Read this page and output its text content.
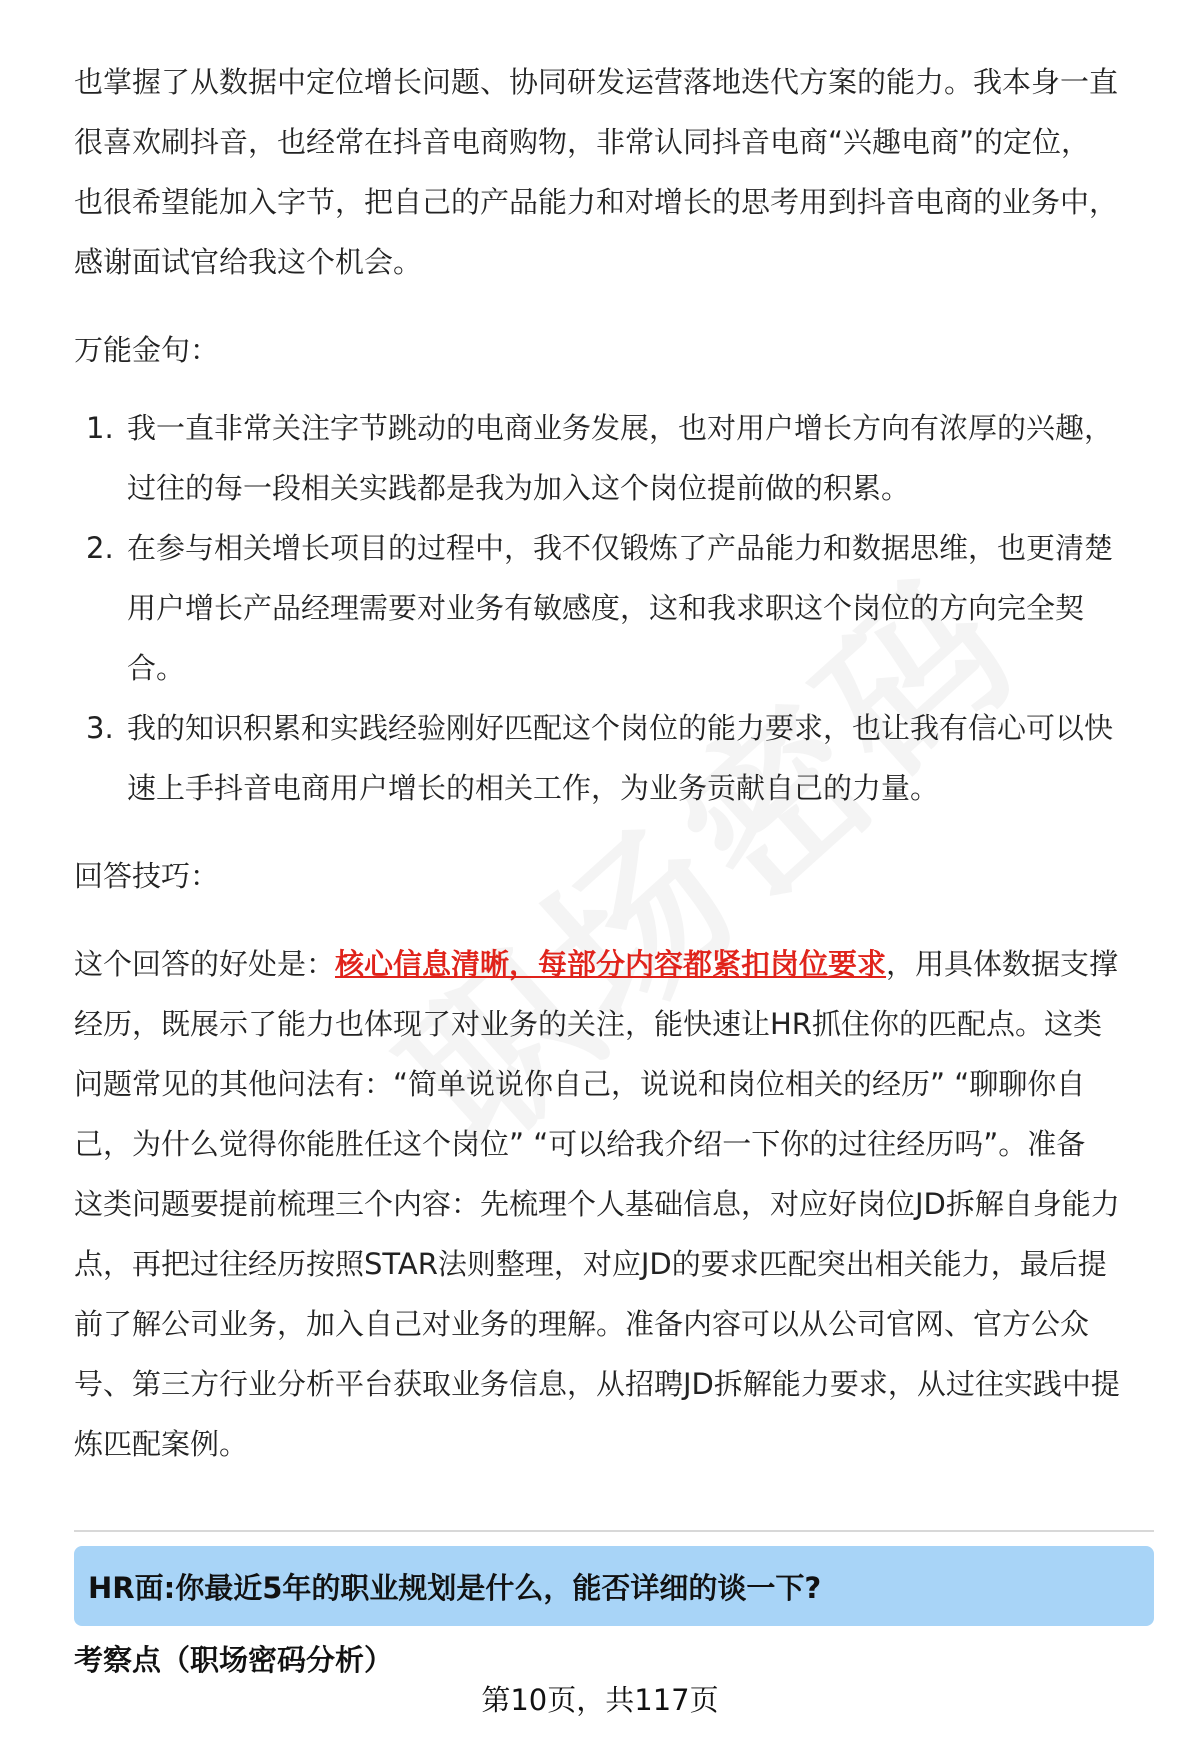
也掌握了从数据中定位增长问题、协同研发运营落地迭代方案的能力。我本身一直

很喜欢刷抖音，也经常在抖音电商购物，非常认同抖音电商“兴趣电商”的定位，

也很希望能加入字节，把自己的产品能力和对增长的思考用到抖音电商的业务中，

感谢面试官给我这个机会。

万能金句：

1. 我一直非常关注字节跳动的电商业务发展，也对用户增长方向有浓厚的兴趣，
过往的每一段相关实践都是我为加入这个岗位提前做的积累。
2. 在参与相关增长项目的过程中，我不仅锻炼了产品能力和数据思维，也更清楚
用户增长产品经理需要对业务有敏感度，这和我求职这个岗位的方向完全契
合。
3. 我的知识积累和实践经验刚好匹配这个岗位的能力要求，也让我有信心可以快
速上手抖音电商用户增长的相关工作，为业务贡献自己的力量。

回答技巧：

这个回答的好处是：核心信息清晰，每部分内容都紧扣岗位要求，用具体数据支撑

经历，既展示了能力也体现了对业务的关注，能快速让HR抓住你的匹配点。这类

问题常见的其他问法有：“简单说说你自己，说说和岗位相关的经历” “聊聊你自

己，为什么觉得你能胜任这个岗位” “可以给我介绍一下你的过往经历吗”。准备

这类问题要提前梳理三个内容：先梳理个人基础信息，对应好岗位JD拆解自身能力

点，再把过往经历按照STAR法则整理，对应JD的要求匹配突出相关能力，最后提

前了解公司业务，加入自己对业务的理解。准备内容可以从公司官网、官方公众

号、第三方行业分析平台获取业务信息，从招聘JD拆解能力要求，从过往实践中提

炼匹配案例。

HR面:你最近5年的职业规划是什么，能否详细的谈一下?
考察点（职场密码分析）
第10页，共117页
